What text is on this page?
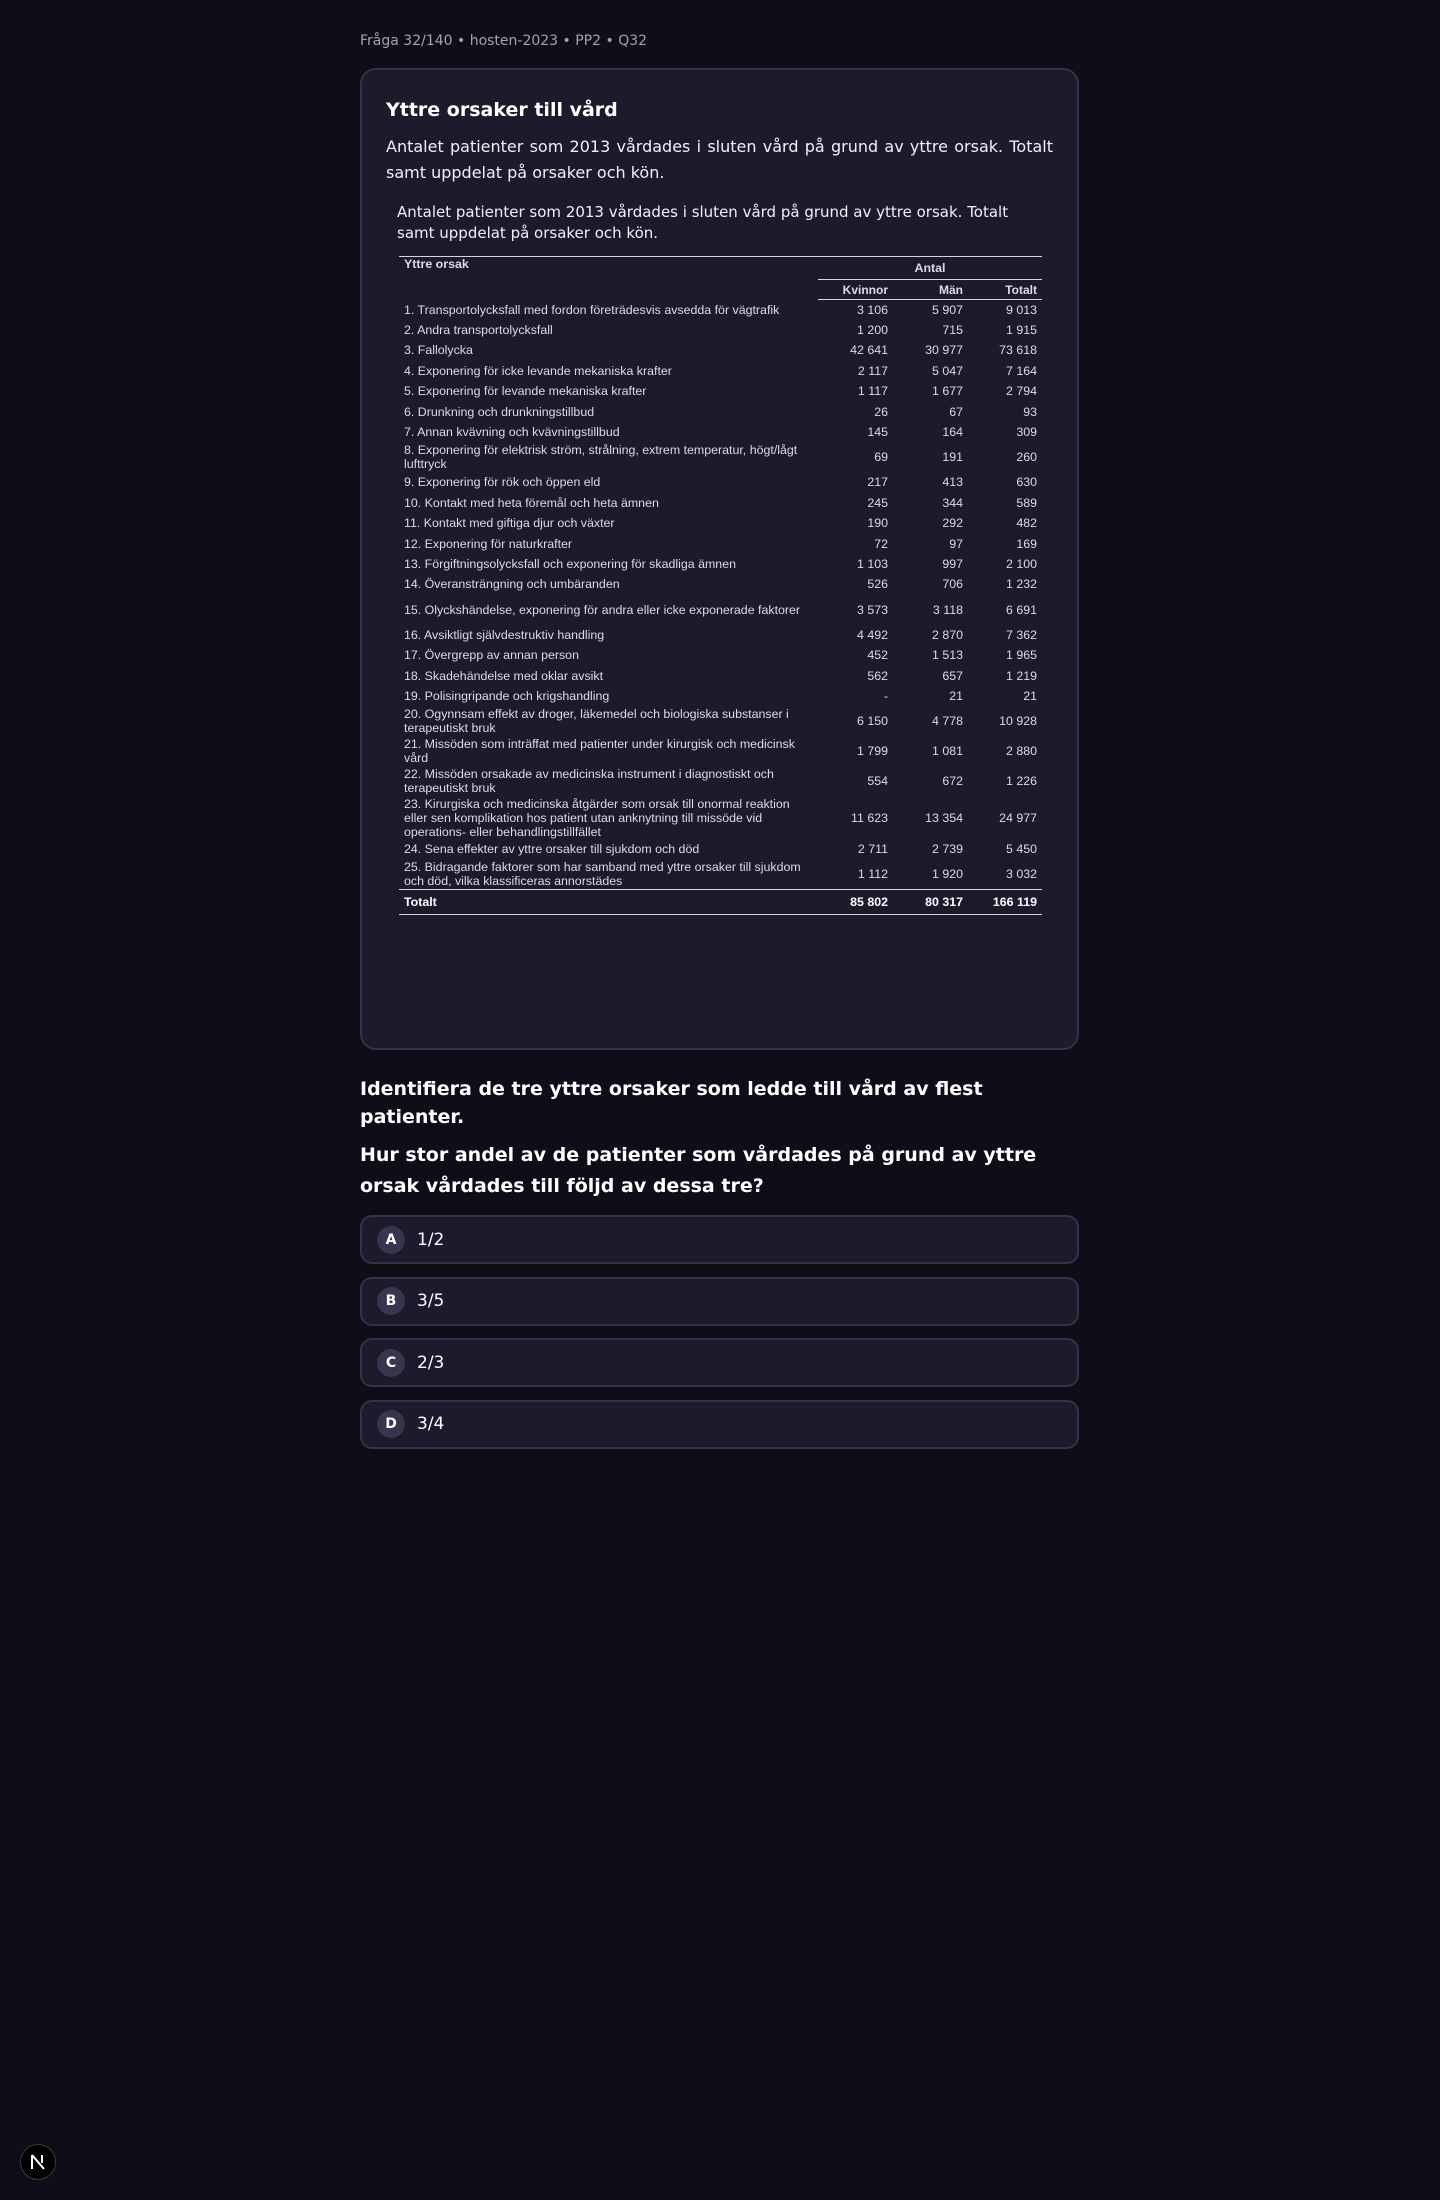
Fråga 32/140 • hosten-2023 • PP2 • Q32
Yttre orsaker till vård
Antalet patienter som 2013 vårdades i sluten vård på grund av yttre orsak. Totalt samt uppdelat på orsaker och kön.
Antalet patienter som 2013 vårdades i sluten vård på grund av yttre orsak. Totalt samt uppdelat på orsaker och kön.
Yttre orsak	Antal		
	Kvinnor	Män	Totalt
1. Transportolycksfall med fordon företrädesvis avsedda för vägtrafik	3 106	5 907	9 013
2. Andra transportolycksfall	1 200	715	1 915
3. Fallolycka	42 641	30 977	73 618
4. Exponering för icke levande mekaniska krafter	2 117	5 047	7 164
5. Exponering för levande mekaniska krafter	1 117	1 677	2 794
6. Drunkning och drunkningstillbud	26	67	93
7. Annan kvävning och kvävningstillbud	145	164	309
8. Exponering för elektrisk ström, strålning, extrem temperatur, högt/lågt lufttryck	69	191	260
9. Exponering för rök och öppen eld	217	413	630
10. Kontakt med heta föremål och heta ämnen	245	344	589
11. Kontakt med giftiga djur och växter	190	292	482
12. Exponering för naturkrafter	72	97	169
13. Förgiftningsolycksfall och exponering för skadliga ämnen	1 103	997	2 100
14. Överansträngning och umbäranden	526	706	1 232
15. Olyckshändelse, exponering för andra eller icke exponerade faktorer	3 573	3 118	6 691
16. Avsiktligt självdestruktiv handling	4 492	2 870	7 362
17. Övergrepp av annan person	452	1 513	1 965
18. Skadehändelse med oklar avsikt	562	657	1 219
19. Polisingripande och krigshandling	-	21	21
20. Ogynnsam effekt av droger, läkemedel och biologiska substanser i terapeutiskt bruk	6 150	4 778	10 928
21. Missöden som inträffat med patienter under kirurgisk och medicinsk vård	1 799	1 081	2 880
22. Missöden orsakade av medicinska instrument i diagnostiskt och terapeutiskt bruk	554	672	1 226
23. Kirurgiska och medicinska åtgärder som orsak till onormal reaktion eller sen komplikation hos patient utan anknytning till missöde vid operations- eller behandlingstillfället	11 623	13 354	24 977
24. Sena effekter av yttre orsaker till sjukdom och död	2 711	2 739	5 450
25. Bidragande faktorer som har samband med yttre orsaker till sjukdom och död, vilka klassificeras annorstädes	1 112	1 920	3 032
Totalt	85 802	80 317	166 119
Identifiera de tre yttre orsaker som ledde till vård av flest patienter.
Hur stor andel av de patienter som vårdades på grund av yttre orsak vårdades till följd av dessa tre?
A	1/2
B	3/5
C	2/3
D	3/4
